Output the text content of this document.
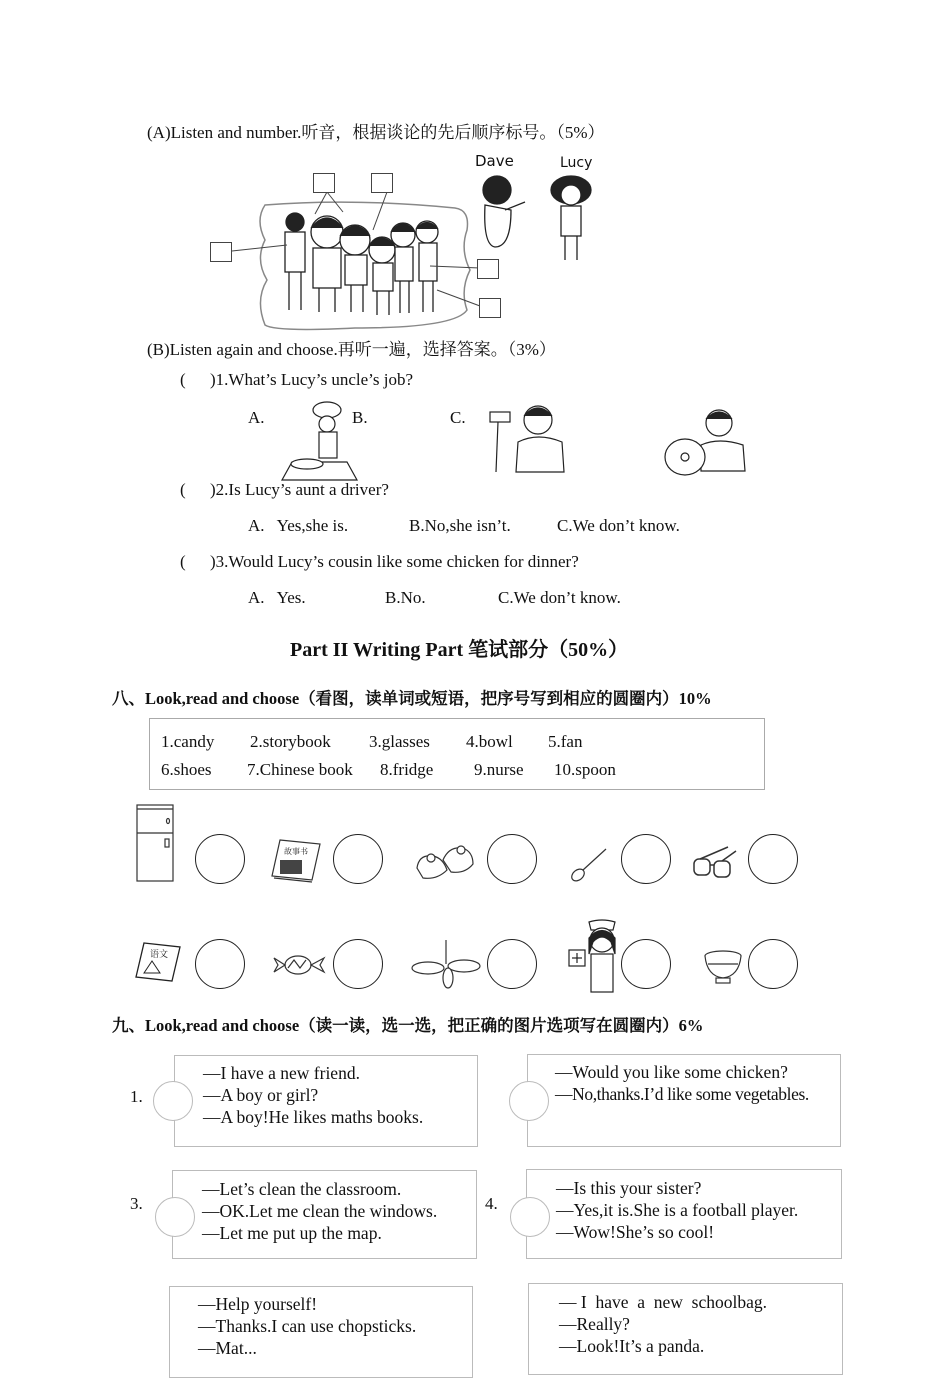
(A)Listen and number.听音，根据谈论的先后顺序标号。（5%）
Dave	Lucy
(B)Listen again and choose.再听一遍，选择答案。（3%）
( )1.What’s Lucy’s uncle’s job?
A.	B.	C.
( )2.Is Lucy’s aunt a driver?
A.   Yes,she is.	B.No,she isn’t.	C.We don’t know.
( )3.Would Lucy’s cousin like some chicken for dinner?
A.   Yes.	B.No.	C.We don’t know.
Part II Writing Part 笔试部分（50%）
八、Look,read and choose（看图，读单词或短语，把序号写到相应的圆圈内）10%
1.candy 2.storybook 3.glasses 4.bowl 5.fan
6.shoes 7.Chinese book 8.fridge 9.nurse 10.spoon
故事书
语文
九、Look,read and choose（读一读，选一选，把正确的图片选项写在圆圈内）6%
1.
—I have a new friend.
—A boy or girl?
—A boy!He likes maths books.
—Would you like some chicken?
—No,thanks.I’d like some vegetables.
3.
—Let’s clean the classroom.
—OK.Let me clean the windows.
—Let me put up the map.
4.
—Is this your sister?
—Yes,it is.She is a football player.
—Wow!She’s so cool!
—Help yourself!
—Thanks.I can use chopsticks.
—Mat...
— I  have  a  new  schoolbag.
—Really?
—Look!It’s a panda.
